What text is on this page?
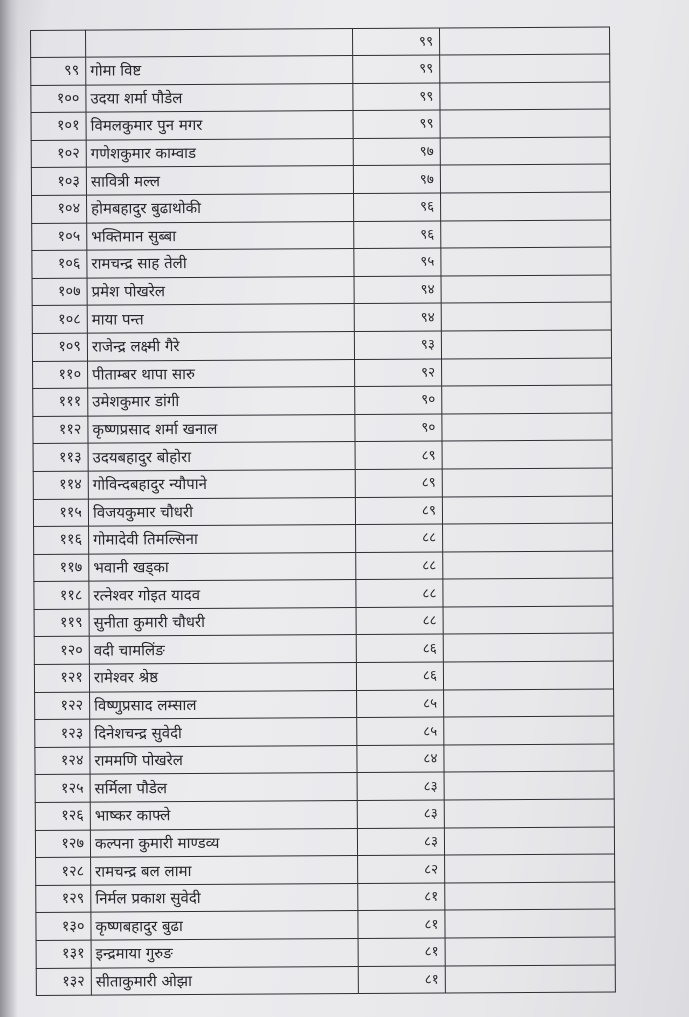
		९९	
९९	गोमा विष्ट	९९	
१००	उदया शर्मा पौडेल	९९	
१०१	विमलकुमार पुन मगर	९९	
१०२	गणेशकुमार काम्वाड	९७	
१०३	सावित्री मल्ल	९७	
१०४	होमबहादुर बुढाथोकी	९६	
१०५	भक्तिमान सुब्बा	९६	
१०६	रामचन्द्र साह तेली	९५	
१०७	प्रमेश पोखरेल	९४	
१०८	माया पन्त	९४	
१०९	राजेन्द्र लक्ष्मी गैरे	९३	
११०	पीताम्बर थापा सारु	९२	
१११	उमेशकुमार डांगी	९०	
११२	कृष्णप्रसाद शर्मा खनाल	९०	
११३	उदयबहादुर बोहोरा	८९	
११४	गोविन्दबहादुर न्यौपाने	८९	
११५	विजयकुमार चौधरी	८९	
११६	गोमादेवी तिमल्सिना	८८	
११७	भवानी खड्का	८८	
११८	रत्नेश्वर गोइत यादव	८८	
११९	सुनीता कुमारी चौधरी	८८	
१२०	वदी चामलिंङ	८६	
१२१	रामेश्वर श्रेष्ठ	८६	
१२२	विष्णुप्रसाद लम्साल	८५	
१२३	दिनेशचन्द्र सुवेदी	८५	
१२४	राममणि पोखरेल	८४	
१२५	सर्मिला पौडेल	८३	
१२६	भाष्कर काफ्ले	८३	
१२७	कल्पना कुमारी माण्डव्य	८३	
१२८	रामचन्द्र बल लामा	८२	
१२९	निर्मल प्रकाश सुवेदी	८१	
१३०	कृष्णबहादुर बुढा	८१	
१३१	इन्द्रमाया गुरुङ	८१	
१३२	सीताकुमारी ओझा	८१	
